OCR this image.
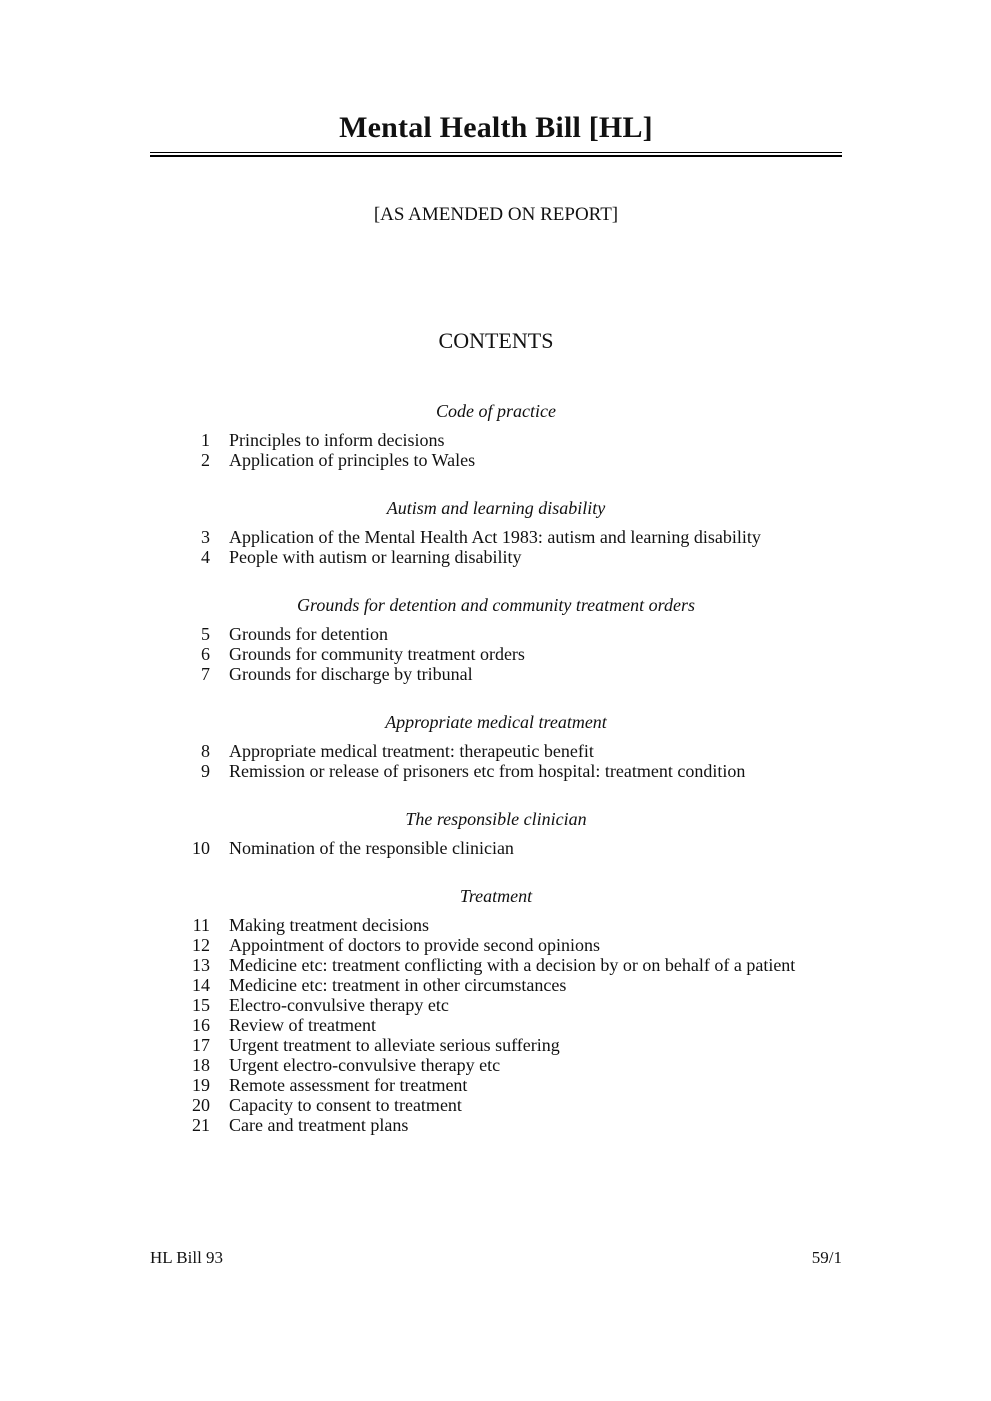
Mental Health Bill [HL]
[AS AMENDED ON REPORT]
CONTENTS
Code of practice
1 Principles to inform decisions
2 Application of principles to Wales
Autism and learning disability
3 Application of the Mental Health Act 1983: autism and learning disability
4 People with autism or learning disability
Grounds for detention and community treatment orders
5 Grounds for detention
6 Grounds for community treatment orders
7 Grounds for discharge by tribunal
Appropriate medical treatment
8 Appropriate medical treatment: therapeutic benefit
9 Remission or release of prisoners etc from hospital: treatment condition
The responsible clinician
10 Nomination of the responsible clinician
Treatment
11 Making treatment decisions
12 Appointment of doctors to provide second opinions
13 Medicine etc: treatment conflicting with a decision by or on behalf of a patient
14 Medicine etc: treatment in other circumstances
15 Electro-convulsive therapy etc
16 Review of treatment
17 Urgent treatment to alleviate serious suffering
18 Urgent electro-convulsive therapy etc
19 Remote assessment for treatment
20 Capacity to consent to treatment
21 Care and treatment plans
HL Bill 93	59/1
